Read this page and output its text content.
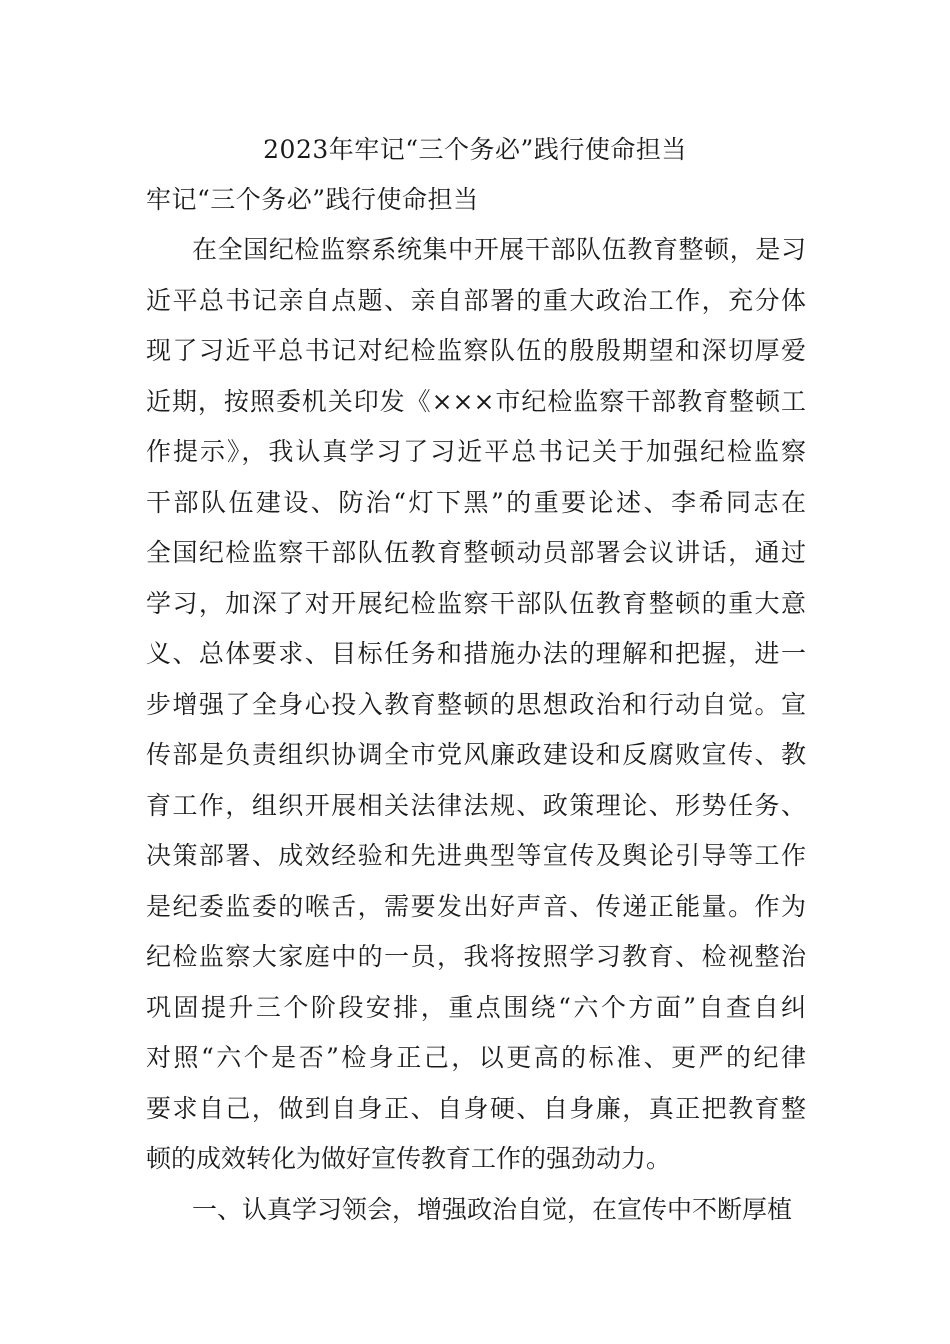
2023年牢记“三个务必”践行使命担当
牢记“三个务必”践行使命担当
在全国纪检监察系统集中开展干部队伍教育整顿，是习
近平总书记亲自点题、亲自部署的重大政治工作，充分体
现了习近平总书记对纪检监察队伍的殷殷期望和深切厚爱
近期，按照委机关印发《×××市纪检监察干部教育整顿工
作提示》，我认真学习了习近平总书记关于加强纪检监察
干部队伍建设、防治“灯下黑”的重要论述、李希同志在
全国纪检监察干部队伍教育整顿动员部署会议讲话，通过
学习，加深了对开展纪检监察干部队伍教育整顿的重大意
义、总体要求、目标任务和措施办法的理解和把握，进一
步增强了全身心投入教育整顿的思想政治和行动自觉。宣
传部是负责组织协调全市党风廉政建设和反腐败宣传、教
育工作，组织开展相关法律法规、政策理论、形势任务、
决策部署、成效经验和先进典型等宣传及舆论引导等工作
是纪委监委的喉舌，需要发出好声音、传递正能量。作为
纪检监察大家庭中的一员，我将按照学习教育、检视整治
巩固提升三个阶段安排，重点围绕“六个方面”自查自纠
对照“六个是否”检身正己，以更高的标准、更严的纪律
要求自己，做到自身正、自身硬、自身廉，真正把教育整
顿的成效转化为做好宣传教育工作的强劲动力。
一、认真学习领会，增强政治自觉，在宣传中不断厚植
